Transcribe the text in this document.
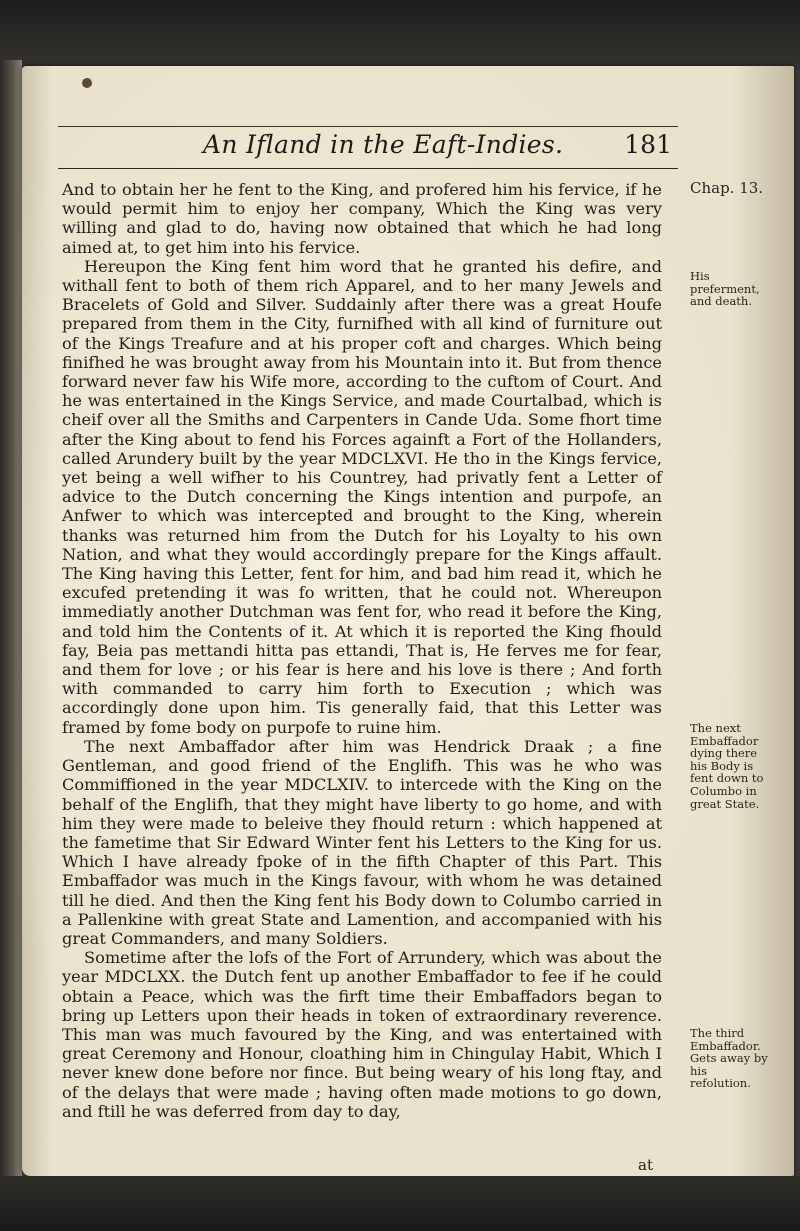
An Ifland in the Eaft-Indies. 181

And to obtain her he fent to the King, and profered him his fervice, if he would permit him to enjoy her company, Which the King was very willing and glad to do, having now obtained that which he had long aimed at, to get him into his fervice.

Hereupon the King fent him word that he granted his defire, and withall fent to both of them rich Apparel, and to her many Jewels and Bracelets of Gold and Silver. Suddainly after there was a great Houfe prepared from them in the City, furnifhed with all kind of furniture out of the Kings Treafure and at his proper coft and charges. Which being finifhed he was brought away from his Mountain into it. But from thence forward never faw his Wife more, according to the cuftom of Court. And he was entertained in the Kings Service, and made Courtalbad, which is cheif over all the Smiths and Carpenters in Cande Uda. Some fhort time after the King about to fend his Forces againft a Fort of the Hollanders, called Arundery built by the year MDCLXVI. He tho in the Kings fervice, yet being a well wifher to his Countrey, had privatly fent a Letter of advice to the Dutch concerning the Kings intention and purpofe, an Anfwer to which was intercepted and brought to the King, wherein thanks was returned him from the Dutch for his Loyalty to his own Nation, and what they would accordingly prepare for the Kings affault. The King having this Letter, fent for him, and bad him read it, which he excufed pretending it was fo written, that he could not. Whereupon immediatly another Dutchman was fent for, who read it before the King, and told him the Contents of it. At which it is reported the King fhould fay, Beia pas mettandi hitta pas ettandi, That is, He ferves me for fear, and them for love ; or his fear is here and his love is there ; And forth with commanded to carry him forth to Execution ; which was accordingly done upon him. Tis generally faid, that this Letter was framed by fome body on purpofe to ruine him.

The next Ambaffador after him was Hendrick Draak ; a fine Gentleman, and good friend of the Englifh. This was he who was Commiffioned in the year MDCLXIV. to intercede with the King on the behalf of the Englifh, that they might have liberty to go home, and with him they were made to beleive they fhould return : which happened at the fametime that Sir Edward Winter fent his Letters to the King for us. Which I have already fpoke of in the fifth Chapter of this Part. This Embaffador was much in the Kings favour, with whom he was detained till he died. And then the King fent his Body down to Columbo carried in a Pallenkine with great State and Lamention, and accompanied with his great Commanders, and many Soldiers.

Sometime after the lofs of the Fort of Arrundery, which was about the year MDCLXX. the Dutch fent up another Embaffador to fee if he could obtain a Peace, which was the firft time their Embaffadors began to bring up Letters upon their heads in token of extraordinary reverence. This man was much favoured by the King, and was entertained with great Ceremony and Honour, cloathing him in Chingulay Habit, Which I never knew done before nor fince. But being weary of his long ftay, and of the delays that were made ; having often made motions to go down, and ftill he was deferred from day to day,

Chap. 13.
His preferment, and death.
The next Embaffador dying there his Body is fent down to Columbo in great State.
The third Embaffador. Gets away by his refolution.
at
